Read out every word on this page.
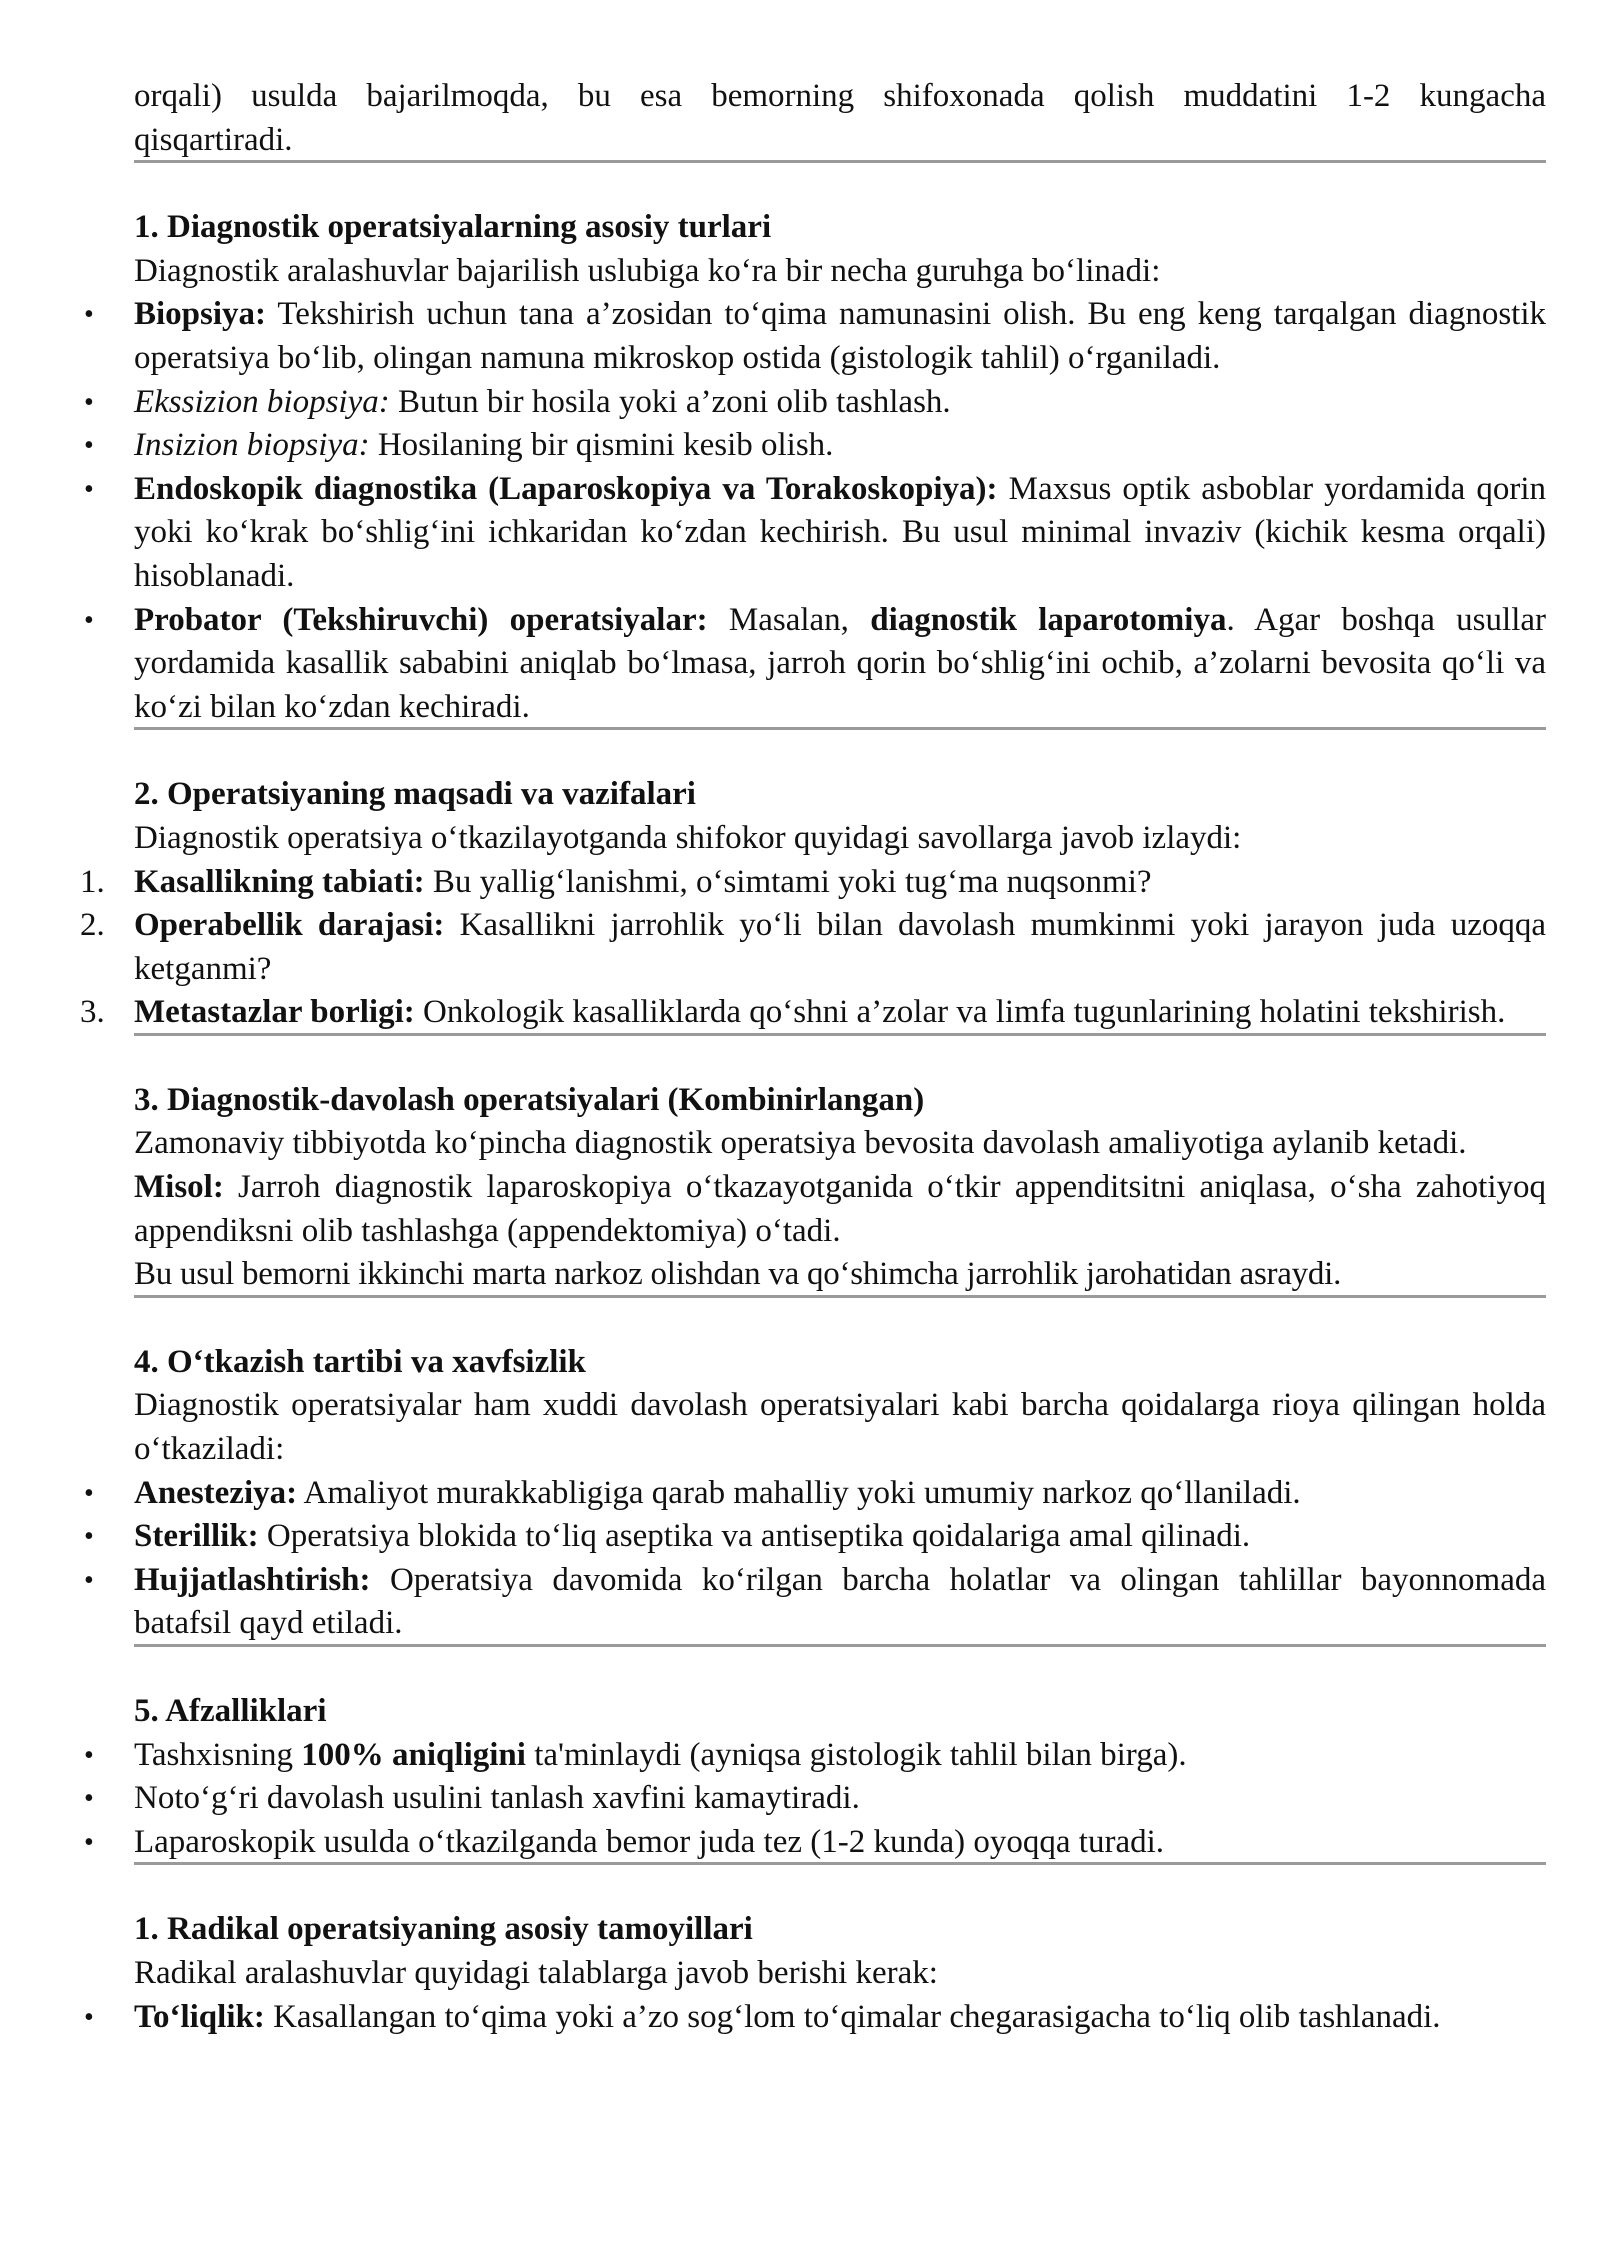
orqali) usulda bajarilmoqda, bu esa bemorning shifoxonada qolish muddatini 1-2 kungacha

qisqartiradi.

1. Diagnostik operatsiyalarning asosiy turlari

Diagnostik aralashuvlar bajarilish uslubiga ko‘ra bir necha guruhga bo‘linadi:

• Biopsiya: Tekshirish uchun tana a’zosidan to‘qima namunasini olish. Bu eng keng tarqalgan diagnostik operatsiya bo‘lib, olingan namuna mikroskop ostida (gistologik tahlil) o‘rganiladi.
• Ekssizion biopsiya: Butun bir hosila yoki a’zoni olib tashlash.
• Insizion biopsiya: Hosilaning bir qismini kesib olish.
• Endoskopik diagnostika (Laparoskopiya va Torakoskopiya): Maxsus optik asboblar yordamida qorin yoki ko‘krak bo‘shlig‘ini ichkaridan ko‘zdan kechirish. Bu usul minimal invaziv (kichik kesma orqali) hisoblanadi.
• Probator (Tekshiruvchi) operatsiyalar: Masalan, diagnostik laparotomiya. Agar boshqa usullar yordamida kasallik sababini aniqlab bo‘lmasa, jarroh qorin bo‘shlig‘ini ochib, a’zolarni bevosita qo‘li va ko‘zi bilan ko‘zdan kechiradi.
2. Operatsiyaning maqsadi va vazifalari

Diagnostik operatsiya o‘tkazilayotganda shifokor quyidagi savollarga javob izlaydi:

1. Kasallikning tabiati: Bu yallig‘lanishmi, o‘simtami yoki tug‘ma nuqsonmi?
2. Operabellik darajasi: Kasallikni jarrohlik yo‘li bilan davolash mumkinmi yoki jarayon juda uzoqqa ketganmi?
3. Metastazlar borligi: Onkologik kasalliklarda qo‘shni a’zolar va limfa tugunlarining holatini tekshirish.
3. Diagnostik-davolash operatsiyalari (Kombinirlangan)

Zamonaviy tibbiyotda ko‘pincha diagnostik operatsiya bevosita davolash amaliyotiga aylanib ketadi.

Misol: Jarroh diagnostik laparoskopiya o‘tkazayotganida o‘tkir appenditsitni aniqlasa, o‘sha zahotiyoq appendiksni olib tashlashga (appendektomiya) o‘tadi.

Bu usul bemorni ikkinchi marta narkoz olishdan va qo‘shimcha jarrohlik jarohatidan asraydi.

4. O‘tkazish tartibi va xavfsizlik

Diagnostik operatsiyalar ham xuddi davolash operatsiyalari kabi barcha qoidalarga rioya qilingan holda o‘tkaziladi:

• Anesteziya: Amaliyot murakkabligiga qarab mahalliy yoki umumiy narkoz qo‘llaniladi.
• Sterillik: Operatsiya blokida to‘liq aseptika va antiseptika qoidalariga amal qilinadi.
• Hujjatlashtirish: Operatsiya davomida ko‘rilgan barcha holatlar va olingan tahlillar bayonnomada batafsil qayd etiladi.
5. Afzalliklari
• Tashxisning 100% aniqligini ta'minlaydi (ayniqsa gistologik tahlil bilan birga).
• Noto‘g‘ri davolash usulini tanlash xavfini kamaytiradi.
• Laparoskopik usulda o‘tkazilganda bemor juda tez (1-2 kunda) oyoqqa turadi.
1. Radikal operatsiyaning asosiy tamoyillari

Radikal aralashuvlar quyidagi talablarga javob berishi kerak:

• To‘liqlik: Kasallangan to‘qima yoki a’zo sog‘lom to‘qimalar chegarasigacha to‘liq olib tashlanadi.
